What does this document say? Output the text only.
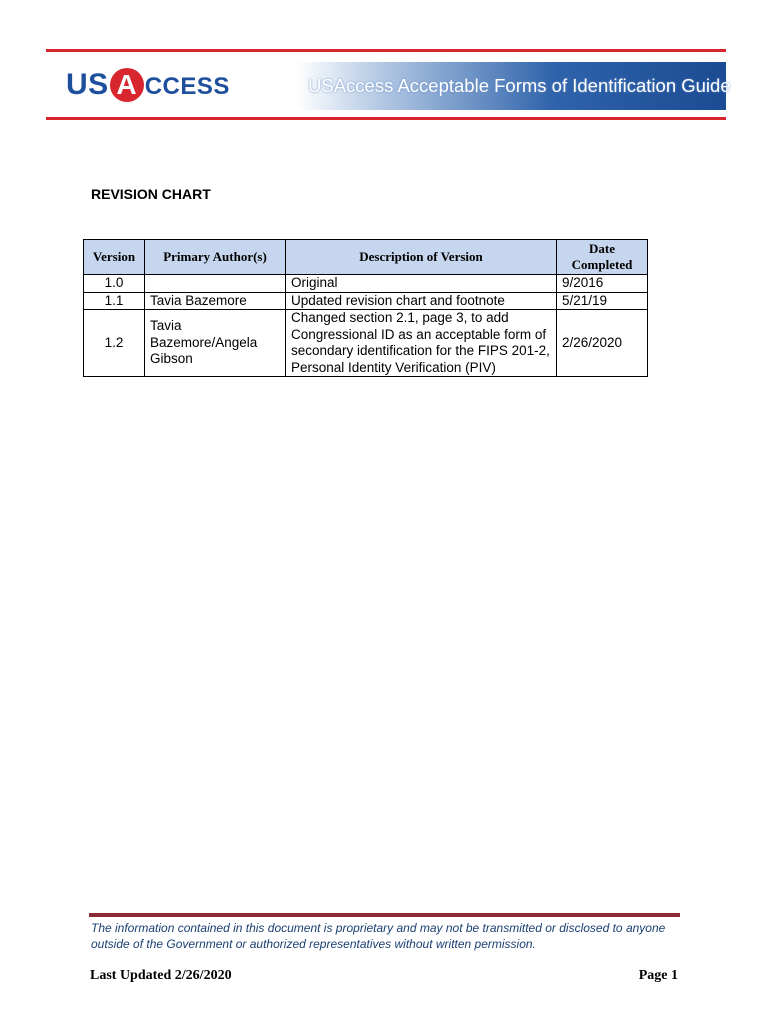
US A CCESS	USAccess Acceptable Forms of Identification Guide
REVISION CHART
Version	Primary Author(s)	Description of Version	Date Completed
1.0		Original	9/2016
1.1	Tavia Bazemore	Updated revision chart and footnote	5/21/19
1.2	Tavia Bazemore/Angela Gibson	Changed section 2.1, page 3, to add Congressional ID as an acceptable form of secondary identification for the FIPS 201-2, Personal Identity Verification (PIV)	2/26/2020
The information contained in this document is proprietary and may not be transmitted or disclosed to anyone outside of the Government or authorized representatives without written permission.
Last Updated 2/26/2020	Page 1
